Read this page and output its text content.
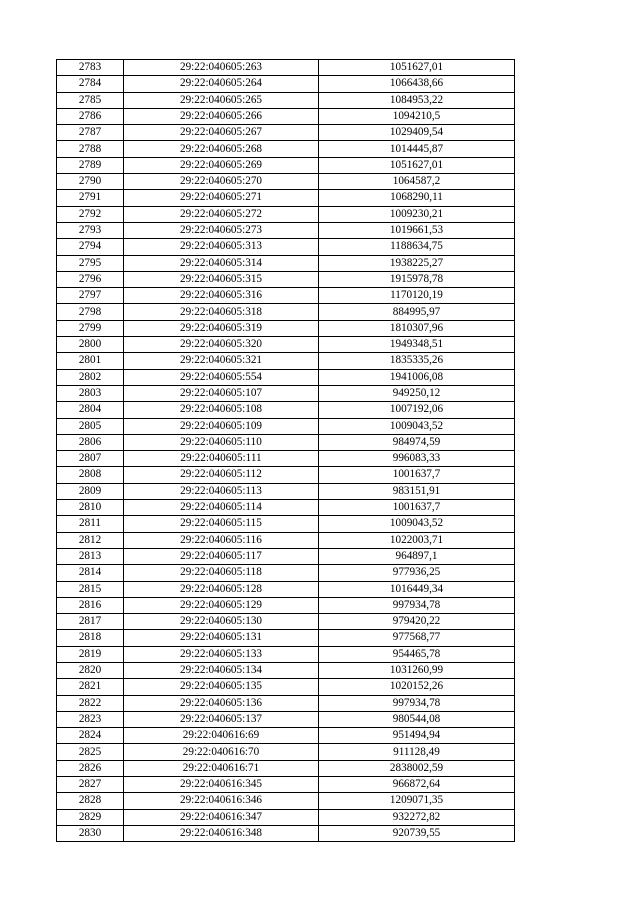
2783	29:22:040605:263	1051627,01
2784	29:22:040605:264	1066438,66
2785	29:22:040605:265	1084953,22
2786	29:22:040605:266	1094210,5
2787	29:22:040605:267	1029409,54
2788	29:22:040605:268	1014445,87
2789	29:22:040605:269	1051627,01
2790	29:22:040605:270	1064587,2
2791	29:22:040605:271	1068290,11
2792	29:22:040605:272	1009230,21
2793	29:22:040605:273	1019661,53
2794	29:22:040605:313	1188634,75
2795	29:22:040605:314	1938225,27
2796	29:22:040605:315	1915978,78
2797	29:22:040605:316	1170120,19
2798	29:22:040605:318	884995,97
2799	29:22:040605:319	1810307,96
2800	29:22:040605:320	1949348,51
2801	29:22:040605:321	1835335,26
2802	29:22:040605:554	1941006,08
2803	29:22:040605:107	949250,12
2804	29:22:040605:108	1007192,06
2805	29:22:040605:109	1009043,52
2806	29:22:040605:110	984974,59
2807	29:22:040605:111	996083,33
2808	29:22:040605:112	1001637,7
2809	29:22:040605:113	983151,91
2810	29:22:040605:114	1001637,7
2811	29:22:040605:115	1009043,52
2812	29:22:040605:116	1022003,71
2813	29:22:040605:117	964897,1
2814	29:22:040605:118	977936,25
2815	29:22:040605:128	1016449,34
2816	29:22:040605:129	997934,78
2817	29:22:040605:130	979420,22
2818	29:22:040605:131	977568,77
2819	29:22:040605:133	954465,78
2820	29:22:040605:134	1031260,99
2821	29:22:040605:135	1020152,26
2822	29:22:040605:136	997934,78
2823	29:22:040605:137	980544,08
2824	29:22:040616:69	951494,94
2825	29:22:040616:70	911128,49
2826	29:22:040616:71	2838002,59
2827	29:22:040616:345	966872,64
2828	29:22:040616:346	1209071,35
2829	29:22:040616:347	932272,82
2830	29:22:040616:348	920739,55
